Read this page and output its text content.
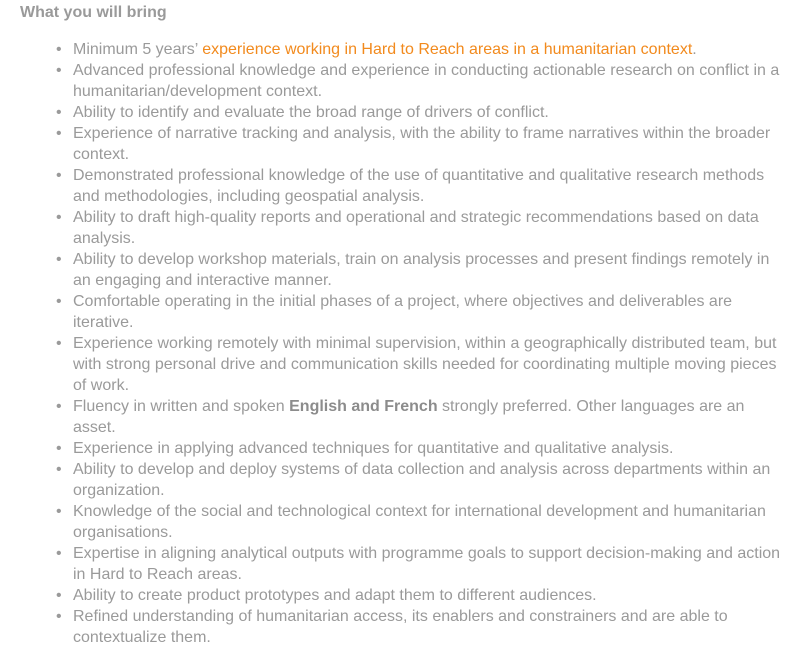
What you will bring
• Minimum 5 years’ experience working in Hard to Reach areas in a humanitarian context.
• Advanced professional knowledge and experience in conducting actionable research on conflict in a humanitarian/development context.
• Ability to identify and evaluate the broad range of drivers of conflict.
• Experience of narrative tracking and analysis, with the ability to frame narratives within the broader context.
• Demonstrated professional knowledge of the use of quantitative and qualitative research methods and methodologies, including geospatial analysis.
• Ability to draft high-quality reports and operational and strategic recommendations based on data analysis.
• Ability to develop workshop materials, train on analysis processes and present findings remotely in an engaging and interactive manner.
• Comfortable operating in the initial phases of a project, where objectives and deliverables are iterative.
• Experience working remotely with minimal supervision, within a geographically distributed team, but with strong personal drive and communication skills needed for coordinating multiple moving pieces of work.
• Fluency in written and spoken English and French strongly preferred. Other languages are an asset.
• Experience in applying advanced techniques for quantitative and qualitative analysis.
• Ability to develop and deploy systems of data collection and analysis across departments within an organization.
• Knowledge of the social and technological context for international development and humanitarian organisations.
• Expertise in aligning analytical outputs with programme goals to support decision-making and action in Hard to Reach areas.
• Ability to create product prototypes and adapt them to different audiences.
• Refined understanding of humanitarian access, its enablers and constrainers and are able to contextualize them.
